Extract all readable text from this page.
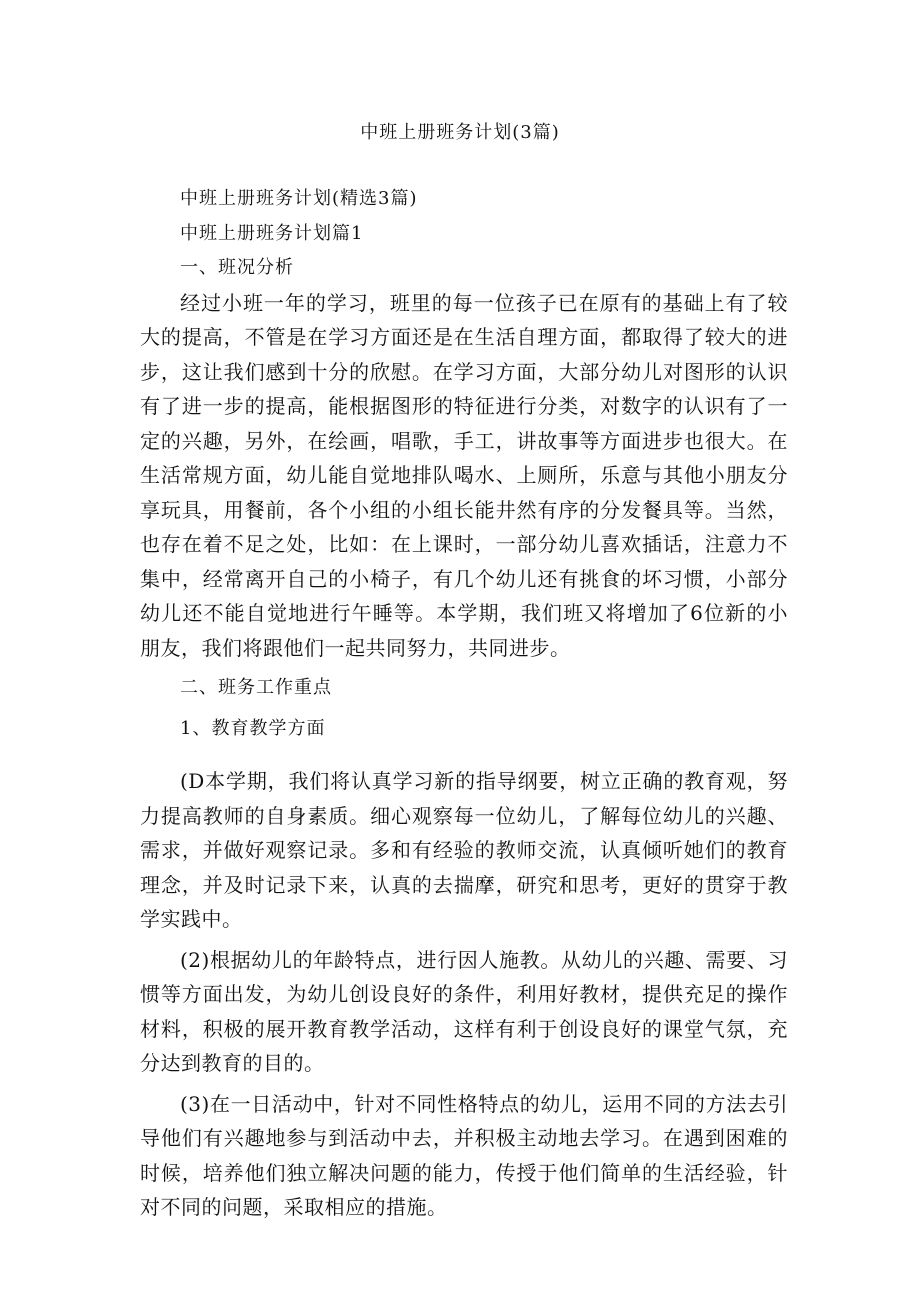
中班上册班务计划(3篇)

中班上册班务计划(精选3篇)

中班上册班务计划篇1

一、班况分析

经过小班一年的学习，班里的每一位孩子已在原有的基础上有了较大的提高，不管是在学习方面还是在生活自理方面，都取得了较大的进步，这让我们感到十分的欣慰。在学习方面，大部分幼儿对图形的认识有了进一步的提高，能根据图形的特征进行分类，对数字的认识有了一定的兴趣，另外，在绘画，唱歌，手工，讲故事等方面进步也很大。在生活常规方面，幼儿能自觉地排队喝水、上厕所，乐意与其他小朋友分享玩具，用餐前，各个小组的小组长能井然有序的分发餐具等。当然，也存在着不足之处，比如：在上课时，一部分幼儿喜欢插话，注意力不集中，经常离开自己的小椅子，有几个幼儿还有挑食的坏习惯，小部分幼儿还不能自觉地进行午睡等。本学期，我们班又将增加了6位新的小朋友，我们将跟他们一起共同努力，共同进步。

二、班务工作重点

1、教育教学方面

(D本学期，我们将认真学习新的指导纲要，树立正确的教育观，努力提高教师的自身素质。细心观察每一位幼儿，了解每位幼儿的兴趣、需求，并做好观察记录。多和有经验的教师交流，认真倾听她们的教育理念，并及时记录下来，认真的去揣摩，研究和思考，更好的贯穿于教学实践中。

(2)根据幼儿的年龄特点，进行因人施教。从幼儿的兴趣、需要、习惯等方面出发，为幼儿创设良好的条件，利用好教材，提供充足的操作材料，积极的展开教育教学活动，这样有利于创设良好的课堂气氛，充分达到教育的目的。

(3)在一日活动中，针对不同性格特点的幼儿，运用不同的方法去引导他们有兴趣地参与到活动中去，并积极主动地去学习。在遇到困难的时候，培养他们独立解决问题的能力，传授于他们简单的生活经验，针对不同的问题，采取相应的措施。
